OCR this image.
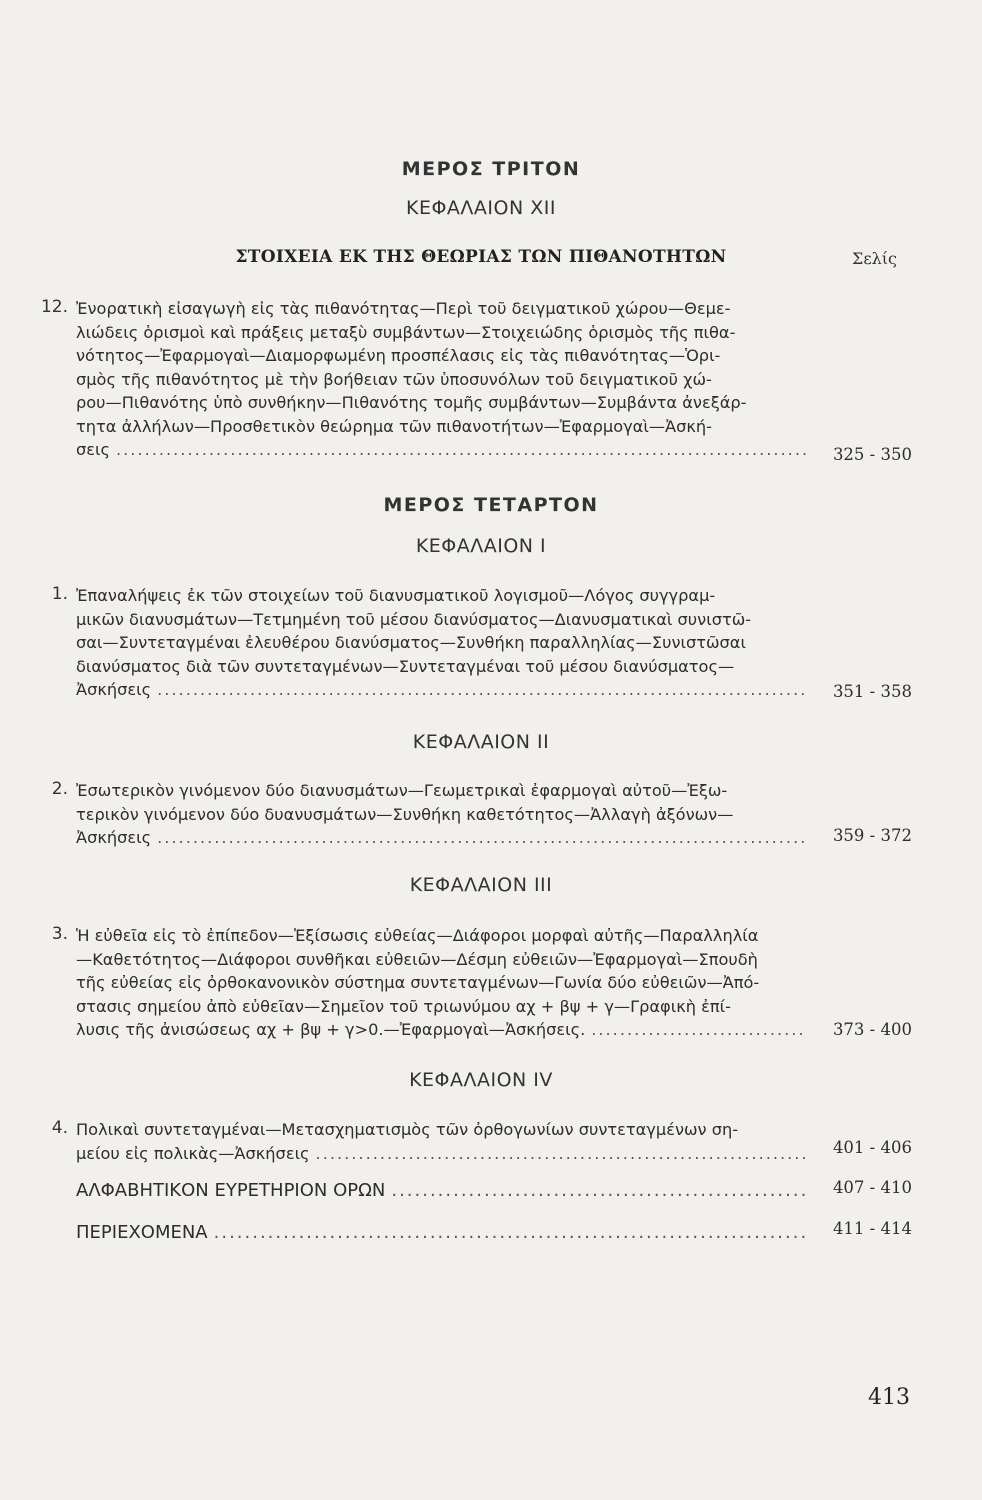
ΜΕΡΟΣ ΤΡΙΤΟΝ
ΚΕΦΑΛΑΙΟΝ XII
ΣΤΟΙΧΕΙΑ ΕΚ ΤΗΣ ΘΕΩΡΙΑΣ ΤΩΝ ΠΙΘΑΝΟΤΗΤΩΝ	Σελίς
12. Ἐνορατικὴ εἰσαγωγὴ εἰς τὰς πιθανότητας—Περὶ τοῦ δειγματικοῦ χώρου—Θεμε-
λιώδεις ὁρισμοὶ καὶ πράξεις μεταξὺ συμβάντων—Στοιχειώδης ὁρισμὸς τῆς πιθα-
νότητος—Ἐφαρμογαὶ—Διαμορφωμένη προσπέλασις εἰς τὰς πιθανότητας—Ὁρι-
σμὸς τῆς πιθανότητος μὲ τὴν βοήθειαν τῶν ὑποσυνόλων τοῦ δειγματικοῦ χώ-
ρου—Πιθανότης ὑπὸ συνθήκην—Πιθανότης τομῆς συμβάντων—Συμβάντα ἀνεξάρ-
τητα ἀλλήλων—Προσθετικὸν θεώρημα τῶν πιθανοτήτων—Ἐφαρμογαὶ—Ἀσκή-
σεις .....	325 - 350
ΜΕΡΟΣ ΤΕΤΑΡΤΟΝ
ΚΕΦΑΛΑΙΟΝ I
1. Ἐπαναλήψεις ἐκ τῶν στοιχείων τοῦ διανυσματικοῦ λογισμοῦ—Λόγος συγγραμ-
μικῶν διανυσμάτων—Τετμημένη τοῦ μέσου διανύσματος—Διανυσματικαὶ συνιστῶ-
σαι—Συντεταγμέναι ἐλευθέρου διανύσματος—Συνθήκη παραλληλίας—Συνιστῶσαι
διανύσματος διὰ τῶν συντεταγμένων—Συντεταγμέναι τοῦ μέσου διανύσματος—
Ἀσκήσεις .....	351 - 358
ΚΕΦΑΛΑΙΟΝ II
2. Ἐσωτερικὸν γινόμενον δύο διανυσμάτων—Γεωμετρικαὶ ἐφαρμογαὶ αὐτοῦ—Ἐξω-
τερικὸν γινόμενον δύο δυανυσμάτων—Συνθήκη καθετότητος—Ἀλλαγὴ ἀξόνων—
Ἀσκήσεις .....	359 - 372
ΚΕΦΑΛΑΙΟΝ III
3. Ἡ εὐθεῖα εἰς τὸ ἐπίπεδον—Ἐξίσωσις εὐθείας—Διάφοροι μορφαὶ αὐτῆς—Παραλληλία
—Καθετότητος—Διάφοροι συνθῆκαι εὐθειῶν—Δέσμη εὐθειῶν—Ἐφαρμογαὶ—Σπουδὴ
τῆς εὐθείας εἰς ὀρθοκανονικὸν σύστημα συντεταγμένων—Γωνία δύο εὐθειῶν—Ἀπό-
στασις σημείου ἀπὸ εὐθεῖαν—Σημεῖον τοῦ τριωνύμου αχ + βψ + γ—Γραφικὴ ἐπί-
λυσις τῆς ἀνισώσεως αχ + βψ + γ>0.—Ἐφαρμογαὶ—Ἀσκήσεις. .....	373 - 400
ΚΕΦΑΛΑΙΟΝ IV
4. Πολικαὶ συντεταγμέναι—Μετασχηματισμὸς τῶν ὀρθογωνίων συντεταγμένων ση-
μείου εἰς πολικὰς—Ἀσκήσεις .....	401 - 406
ΑΛΦΑΒΗΤΙΚΟΝ ΕΥΡΕΤΗΡΙΟΝ ΟΡΩΝ .....	407 - 410
ΠΕΡΙΕΧΟΜΕΝΑ .....	411 - 414
413
